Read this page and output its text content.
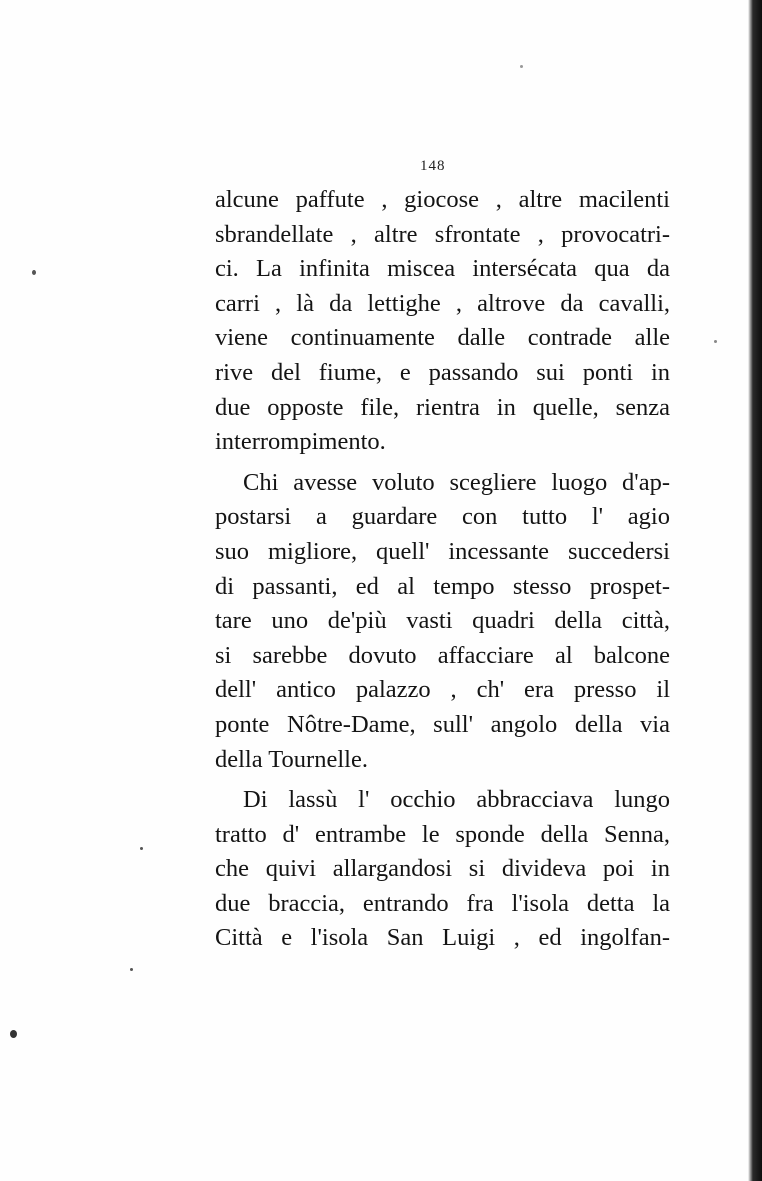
148
alcune paffute , giocose , altre macilenti
sbrandellate , altre sfrontate , provocatri-
ci. La infinita miscea intersécata qua da
carri , là da lettighe , altrove da cavalli,
viene continuamente dalle contrade alle
rive del fiume, e passando sui ponti in
due opposte file, rientra in quelle, senza
interrompimento.
Chi avesse voluto scegliere luogo d'ap-
postarsi a guardare con tutto l' agio
suo migliore, quell' incessante succedersi
di passanti, ed al tempo stesso prospet-
tare uno de'più vasti quadri della città,
si sarebbe dovuto affacciare al balcone
dell' antico palazzo , ch' era presso il
ponte Nôtre-Dame, sull' angolo della via
della Tournelle.
Di lassù l' occhio abbracciava lungo
tratto d' entrambe le sponde della Senna,
che quivi allargandosi si divideva poi in
due braccia, entrando fra l'isola detta la
Città e l'isola San Luigi , ed ingolfan-
